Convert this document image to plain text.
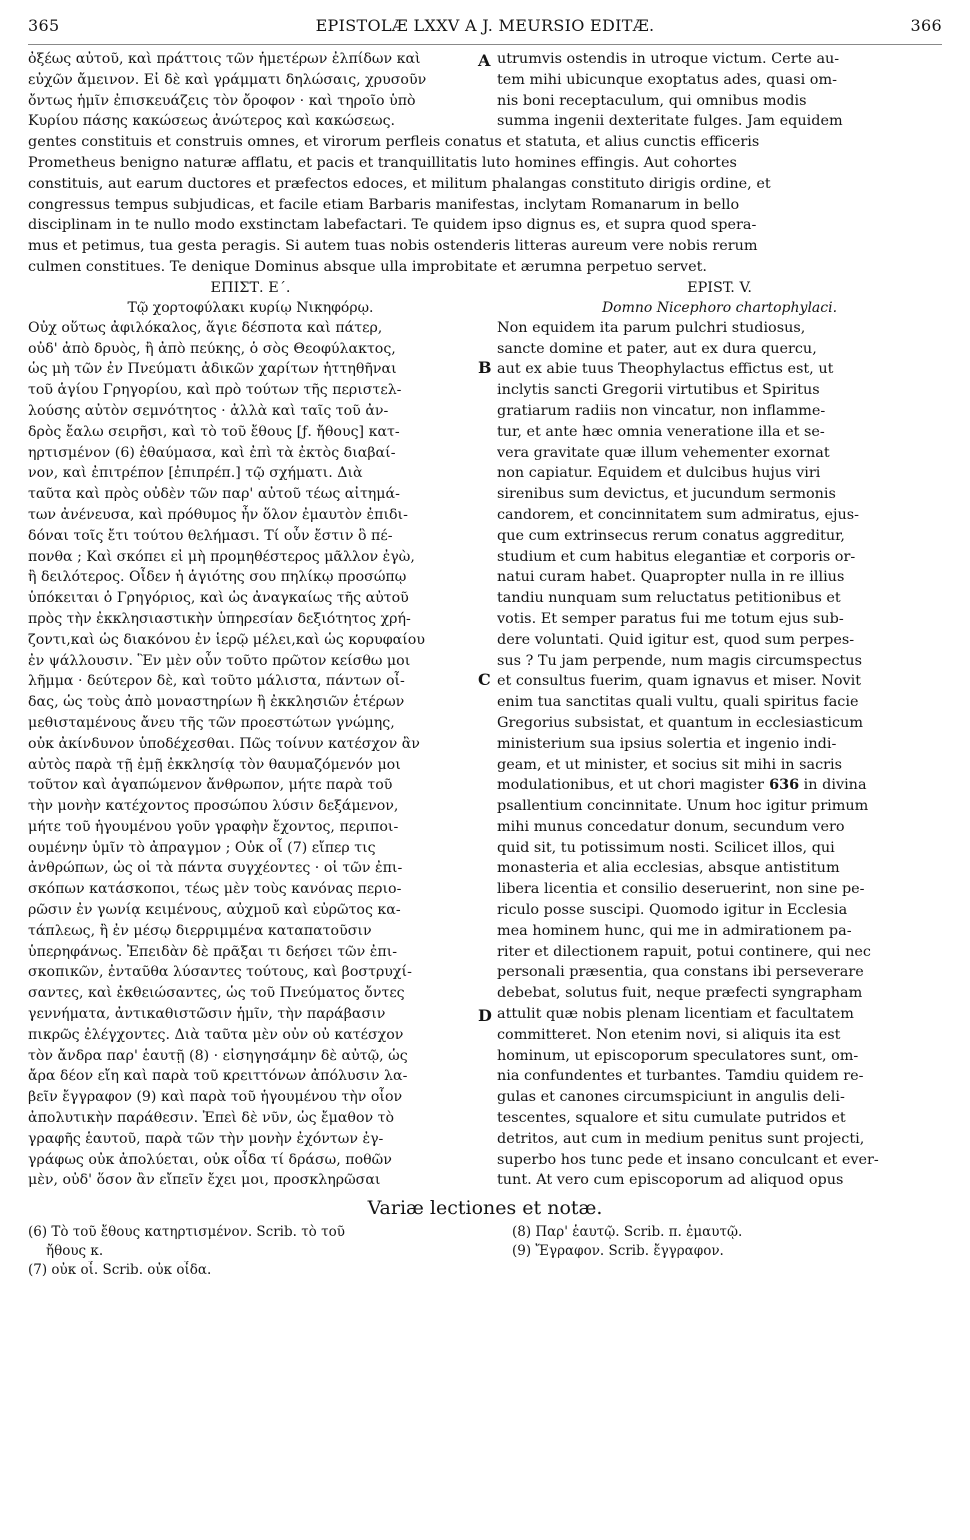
365	EPISTOLÆ LXXV A J. MEURSIO EDITÆ.	366
ὀξέως αὐτοῦ, καὶ πράττοις τῶν ἡμετέρων ἐλπίδων καὶ
εὐχῶν ἄμεινον. Εἰ δὲ καὶ γράμματι δηλώσαις, χρυσοῦν
ὄντως ἡμῖν ἐπισκευάζεις τὸν ὄροφον · καὶ τηροῖο ὑπὸ
Κυρίου πάσης κακώσεως ἀνώτερος καὶ κακώσεως.
A utrumvis ostendis in utroque victum. Certe au-
tem mihi ubicunque exoptatus ades, quasi om-
nis boni receptaculum, qui omnibus modis
summa ingenii dexteritate fulges. Jam equidem
gentes constituis et construis omnes, et virorum perfleis conatus et statuta, et alius cunctis efficeris
Prometheus benigno naturæ afflatu, et pacis et tranquillitatis luto homines effingis. Aut cohortes
constituis, aut earum ductores et præfectos edoces, et militum phalangas constituto dirigis ordine, et
congressus tempus subjudicas, et facile etiam Barbaris manifestas, inclytam Romanarum in bello
disciplinam in te nullo modo exstinctam labefactari. Te quidem ipso dignus es, et supra quod spera-
mus et petimus, tua gesta peragis. Si autem tuas nobis ostenderis litteras aureum vere nobis rerum
culmen constitues. Te denique Dominus absque ulla improbitate et ærumna perpetuo servet.
ΕΠΙΣΤ. Ε΄.
Τῷ χορτοφύλακι κυρίῳ Νικηφόρῳ.
EPIST. V.
Domno Nicephoro chartophylaci.
Οὐχ οὕτως ἀφιλόκαλος, ἅγιε δέσποτα καὶ πάτερ,
οὐδ' ἀπὸ δρυὸς, ἢ ἀπὸ πεύκης, ὁ σὸς Θεοφύλακτος,
ὡς μὴ τῶν ἐν Πνεύματι ἀδικῶν χαρίτων ἡττηθῆναι
τοῦ ἁγίου Γρηγορίου, καὶ πρὸ τούτων τῆς περιστελ-
λούσης αὐτὸν σεμνότητος · ἀλλὰ καὶ ταῖς τοῦ ἀν-
δρὸς ἔαλω σειρῆσι, καὶ τὸ τοῦ ἔθους [ƒ. ἤθους] κατ-
ηρτισμένον (6) ἐθαύμασα, καὶ ἐπὶ τὰ ἐκτὸς διαβαί-
νον, καὶ ἐπιτρέπον [ἐπιπρέπ.] τῷ σχήματι. Διὰ
ταῦτα καὶ πρὸς οὐδὲν τῶν παρ' αὐτοῦ τέως αἰτημά-
των ἀνένευσα, καὶ πρόθυμος ἦν ὅλον ἐμαυτὸν ἐπιδι-
δόναι τοῖς ἔτι τούτου θελήμασι. Τί οὖν ἔστιν ὃ πέ-
πονθα ; Καὶ σκόπει εἰ μὴ προμηθέστερος μᾶλλον ἐγὼ,
ἢ δειλότερος. Οἶδεν ἡ ἁγιότης σου πηλίκῳ προσώπῳ
ὑπόκειται ὁ Γρηγόριος, καὶ ὡς ἀναγκαίως τῆς αὐτοῦ
πρὸς τὴν ἐκκλησιαστικὴν ὑπηρεσίαν δεξιότητος χρή-
ζοντι,καὶ ὡς διακόνου ἐν ἱερῷ μέλει,καὶ ὡς κορυφαίου
ἐν ψάλλουσιν. Ἓν μὲν οὖν τοῦτο πρῶτον κείσθω μοι
λῆμμα · δεύτερον δὲ, καὶ τοῦτο μάλιστα, πάντων οἶ-
δας, ὡς τοὺς ἀπὸ μοναστηρίων ἢ ἐκκλησιῶν ἑτέρων
μεθισταμένους ἄνευ τῆς τῶν προεστώτων γνώμης,
οὐκ ἀκίνδυνον ὑποδέχεσθαι. Πῶς τοίνυν κατέσχον ἂν
αὐτὸς παρὰ τῇ ἐμῇ ἐκκλησίᾳ τὸν θαυμαζόμενόν μοι
τοῦτον καὶ ἀγαπώμενον ἄνθρωπον, μήτε παρὰ τοῦ
τὴν μονὴν κατέχοντος προσώπου λύσιν δεξάμενον,
μήτε τοῦ ἡγουμένου γοῦν γραφὴν ἔχοντος, περιποι-
ουμένην ὑμῖν τὸ ἀπραγμον ; Οὐκ οἶ (7) εἴπερ τις
ἀνθρώπων, ὡς οἱ τὰ πάντα συγχέοντες · οἱ τῶν ἐπι-
σκόπων κατάσκοποι, τέως μὲν τοὺς κανόνας περιο-
ρῶσιν ἐν γωνίᾳ κειμένους, αὐχμοῦ καὶ εὐρῶτος κα-
τάπλεως, ἢ ἐν μέσῳ διερριμμένα καταπατοῦσιν
ὑπερηφάνως. Ἐπειδὰν δὲ πρᾶξαι τι δεήσει τῶν ἐπι-
σκοπικῶν, ἐνταῦθα λύσαντες τούτους, καὶ βοστρυχί-
σαντες, καὶ ἐκθειώσαντες, ὡς τοῦ Πνεύματος ὄντες
γεννήματα, ἀντικαθιστῶσιν ἡμῖν, τὴν παράβασιν
πικρῶς ἐλέγχοντες. Διὰ ταῦτα μὲν οὐν οὐ κατέσχον
τὸν ἄνδρα παρ' ἑαυτῇ (8) · εἰσηγησάμην δὲ αὐτῷ, ὡς
ἄρα δέον εἴη καὶ παρὰ τοῦ κρειττόνων ἀπόλυσιν λα-
βεῖν ἔγγραφον (9) καὶ παρὰ τοῦ ἡγουμένου τὴν οἷον
ἀπολυτικὴν παράθεσιν. Ἐπεὶ δὲ νῦν, ὡς ἔμαθον τὸ
γραφῆς ἑαυτοῦ, παρὰ τῶν τὴν μονὴν ἐχόντων ἐγ-
γράφως οὐκ ἀπολύεται, οὐκ οἶδα τί δράσω, ποθῶν
μὲν, οὐδ' ὅσον ἂν εἴπεῖν ἔχει μοι, προσκληρῶσαι
B
C
D
Non equidem ita parum pulchri studiosus,
sancte domine et pater, aut ex dura quercu,
aut ex abie tuus Theophylactus effictus est, ut
inclytis sancti Gregorii virtutibus et Spiritus
gratiarum radiis non vincatur, non inflamme-
tur, et ante hæc omnia veneratione illa et se-
vera gravitate quæ illum vehementer exornat
non capiatur. Equidem et dulcibus hujus viri
sirenibus sum devictus, et jucundum sermonis
candorem, et concinnitatem sum admiratus, ejus-
que cum extrinsecus rerum conatus aggreditur,
studium et cum habitus elegantiæ et corporis or-
natui curam habet. Quapropter nulla in re illius
tandiu nunquam sum reluctatus petitionibus et
votis. Et semper paratus fui me totum ejus sub-
dere voluntati. Quid igitur est, quod sum perpes-
sus ? Tu jam perpende, num magis circumspectus
et consultus fuerim, quam ignavus et miser. Novit
enim tua sanctitas quali vultu, quali spiritus facie
Gregorius subsistat, et quantum in ecclesiasticum
ministerium sua ipsius solertia et ingenio indi-
geam, et ut minister, et socius sit mihi in sacris
modulationibus, et ut chori magister 636 in divina
psallentium concinnitate. Unum hoc igitur primum
mihi munus concedatur donum, secundum vero
quid sit, tu potissimum nosti. Scilicet illos, qui
monasteria et alia ecclesias, absque antistitum
libera licentia et consilio deseruerint, non sine pe-
riculo posse suscipi. Quomodo igitur in Ecclesia
mea hominem hunc, qui me in admirationem pa-
riter et dilectionem rapuit, potui continere, qui nec
personali præsentia, qua constans ibi perseverare
debebat, solutus fuit, neque præfecti syngrapham
attulit quæ nobis plenam licentiam et facultatem
committeret. Non etenim novi, si aliquis ita est
hominum, ut episcoporum speculatores sunt, om-
nia confundentes et turbantes. Tamdiu quidem re-
gulas et canones circumspiciunt in angulis deli-
tescentes, squalore et situ cumulate putridos et
detritos, aut cum in medium penitus sunt projecti,
superbo hos tunc pede et insano conculcant et ever-
tunt. At vero cum episcoporum ad aliquod opus
Variæ lectiones et notæ.
(6) Τὸ τοῦ ἔθους κατηρτισμένον. Scrib. τὸ τοῦ
ἤθους κ.
(7) οὐκ οἶ. Scrib. οὐκ οἶδα.
(8) Παρ' ἑαυτῷ. Scrib. π. ἐμαυτῷ.
(9) Ἔγραφον. Scrib. ἔγγραφον.
